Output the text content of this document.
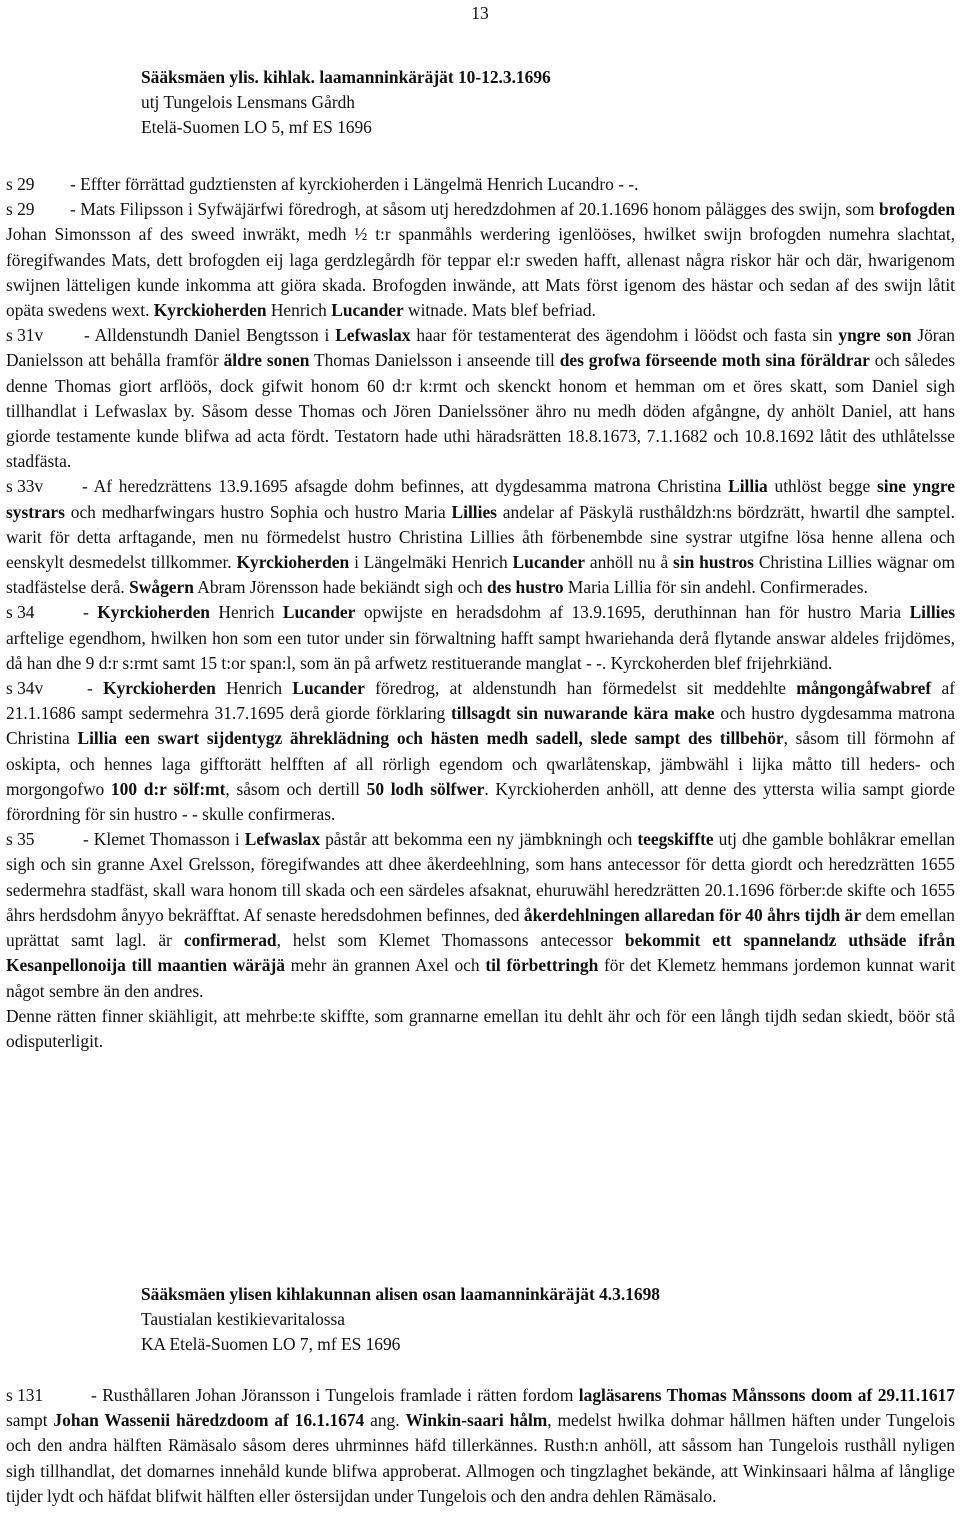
13
Sääksmäen ylis. kihlak. laamanninkäräjät 10-12.3.1696
utj Tungelois Lensmans Gårdh
Etelä-Suomen LO 5, mf ES 1696
s 29 - Effter förrättad gudztiensten af kyrckioherden i Längelmä Henrich Lucandro - -.
s 29 - Mats Filipsson i Syfwäjärfwi föredrogh, at såsom utj heredzdohmen af 20.1.1696 honom pålägges des swijn, som brofogden Johan Simonsson af des sweed inwräkt, medh ½ t:r spanmåhls werdering igenlööses, hwilket swijn brofogden numehra slachtat, föregifwandes Mats, dett brofogden eij laga gerdzlegårdh för teppar el:r sweden hafft, allenast några riskor här och där, hwarigenom swijnen lätteligen kunde inkomma att giöra skada. Brofogden inwände, att Mats först igenom des hästar och sedan af des swijn låtit opäta swedens wext. Kyrckioherden Henrich Lucander witnade. Mats blef befriad.
s 31v - Alldenstundh Daniel Bengtsson i Lefwaslax haar för testamenterat des ägendohm i löödst och fasta sin yngre son Jöran Danielsson att behålla framför äldre sonen Thomas Danielsson i anseende till des grofwa förseende moth sina föräldrar och således denne Thomas giort arflöös, dock gifwit honom 60 d:r k:rmt och skenckt honom et hemman om et öres skatt, som Daniel sigh tillhandlat i Lefwaslax by. Såsom desse Thomas och Jören Danielssöner ähro nu medh döden afgångne, dy anhölt Daniel, att hans giorde testamente kunde blifwa ad acta fördt. Testatorn hade uthi häradsrätten 18.8.1673, 7.1.1682 och 10.8.1692 låtit des uthlåtelsse stadfästa.
s 33v - Af heredzrättens 13.9.1695 afsagde dohm befinnes, att dygdesamma matrona Christina Lillia uthlöst begge sine yngre systrars och medharfwingars hustro Sophia och hustro Maria Lillies andelar af Päskylä rusthåldzh:ns bördzrätt, hwartil dhe samptel. warit för detta arftagande, men nu förmedelst hustro Christina Lillies åth förbenembde sine systrar utgifne lösa henne allena och eenskylt desmedelst tillkommer. Kyrckioherden i Längelmäki Henrich Lucander anhöll nu å sin hustros Christina Lillies wägnar om stadfästelse derå. Swågern Abram Jörensson hade bekiändt sigh och des hustro Maria Lillia för sin andehl. Confirmerades.
s 34	- Kyrckioherden Henrich Lucander opwijste en heradsdohm af 13.9.1695, deruthinnan han för hustro Maria Lillies arftelige egendhom, hwilken hon som een tutor under sin förwaltning hafft sampt hwariehanda derå flytande answar aldeles frijdömes, då han dhe 9 d:r s:rmt samt 15 t:or span:l, som än på arfwetz restituerande manglat - -. Kyrckoherden blef frijehrkiänd.
s 34v	- Kyrckioherden Henrich Lucander föredrog, at aldenstundh han förmedelst sit meddehlte mångongåfwabref af 21.1.1686 sampt sedermehra 31.7.1695 derå giorde förklaring tillsagdt sin nuwarande kära make och hustro dygdesamma matrona Christina Lillia een swart sijdentygz ähreklädning och hästen medh sadell, slede sampt des tillbehör, såsom till förmohn af oskipta, och hennes laga gifftorätt helfften af all rörligh egendom och qwarlåtenskap, jämbwähl i lijka måtto till heders- och morgongofwo 100 d:r sölf:mt, såsom och dertill 50 lodh sölfwer. Kyrckioherden anhöll, att denne des yttersta wilia sampt giorde förordning för sin hustro - - skulle confirmeras.
s 35	- Klemet Thomasson i Lefwaslax påstår att bekomma een ny jämbkningh och teegskiffte utj dhe gamble bohlåkrar emellan sigh och sin granne Axel Grelsson, föregifwandes att dhee åkerdeehlning, som hans antecessor för detta giordt och heredzrätten 1655 sedermehra stadfäst, skall wara honom till skada och een särdeles afsaknat, ehuruwähl heredzrätten 20.1.1696 förber:de skifte och 1655 åhrs herdsdohm ånyyo bekräfftat. Af senaste heredsdohmen befinnes, ded åkerdehlningen allaredan för 40 åhrs tijdh är dem emellan uprättat samt lagl. är confirmerad, helst som Klemet Thomassons antecessor bekommit ett spannelandz uthsäde ifrån Kesanpellonoija till maantien wäräjä mehr än grannen Axel och til förbettringh för det Klemetz hemmans jordemon kunnat warit något sembre än den andres.
Denne rätten finner skiähligit, att mehrbe:te skiffte, som grannarne emellan itu dehlt ähr och för een långh tijdh sedan skiedt, böör stå odisputerligit.
Sääksmäen ylisen kihlakunnan alisen osan laamanninkäräjät 4.3.1698
Taustialan kestikievaritalossa
KA Etelä-Suomen LO 7, mf ES 1696
s 131	- Rusthållaren Johan Jöransson i Tungelois framlade i rätten fordom lagläsarens Thomas Månssons doom af 29.11.1617 sampt Johan Wassenii häredzdoom af 16.1.1674 ang. Winkin-saari hålm, medelst hwilka dohmar hållmen häften under Tungelois och den andra hälften Rämäsalo såsom deres uhrminnes häfd tillerkännes. Rusth:n anhöll, att såssom han Tungelois rusthåll nyligen sigh tillhandlat, det domarnes innehåld kunde blifwa approberat. Allmogen och tingzlaghet bekände, att Winkinsaari hålma af långlige tijder lydt och häfdat blifwit hälften eller östersijdan under Tungelois och den andra dehlen Rämäsalo.
